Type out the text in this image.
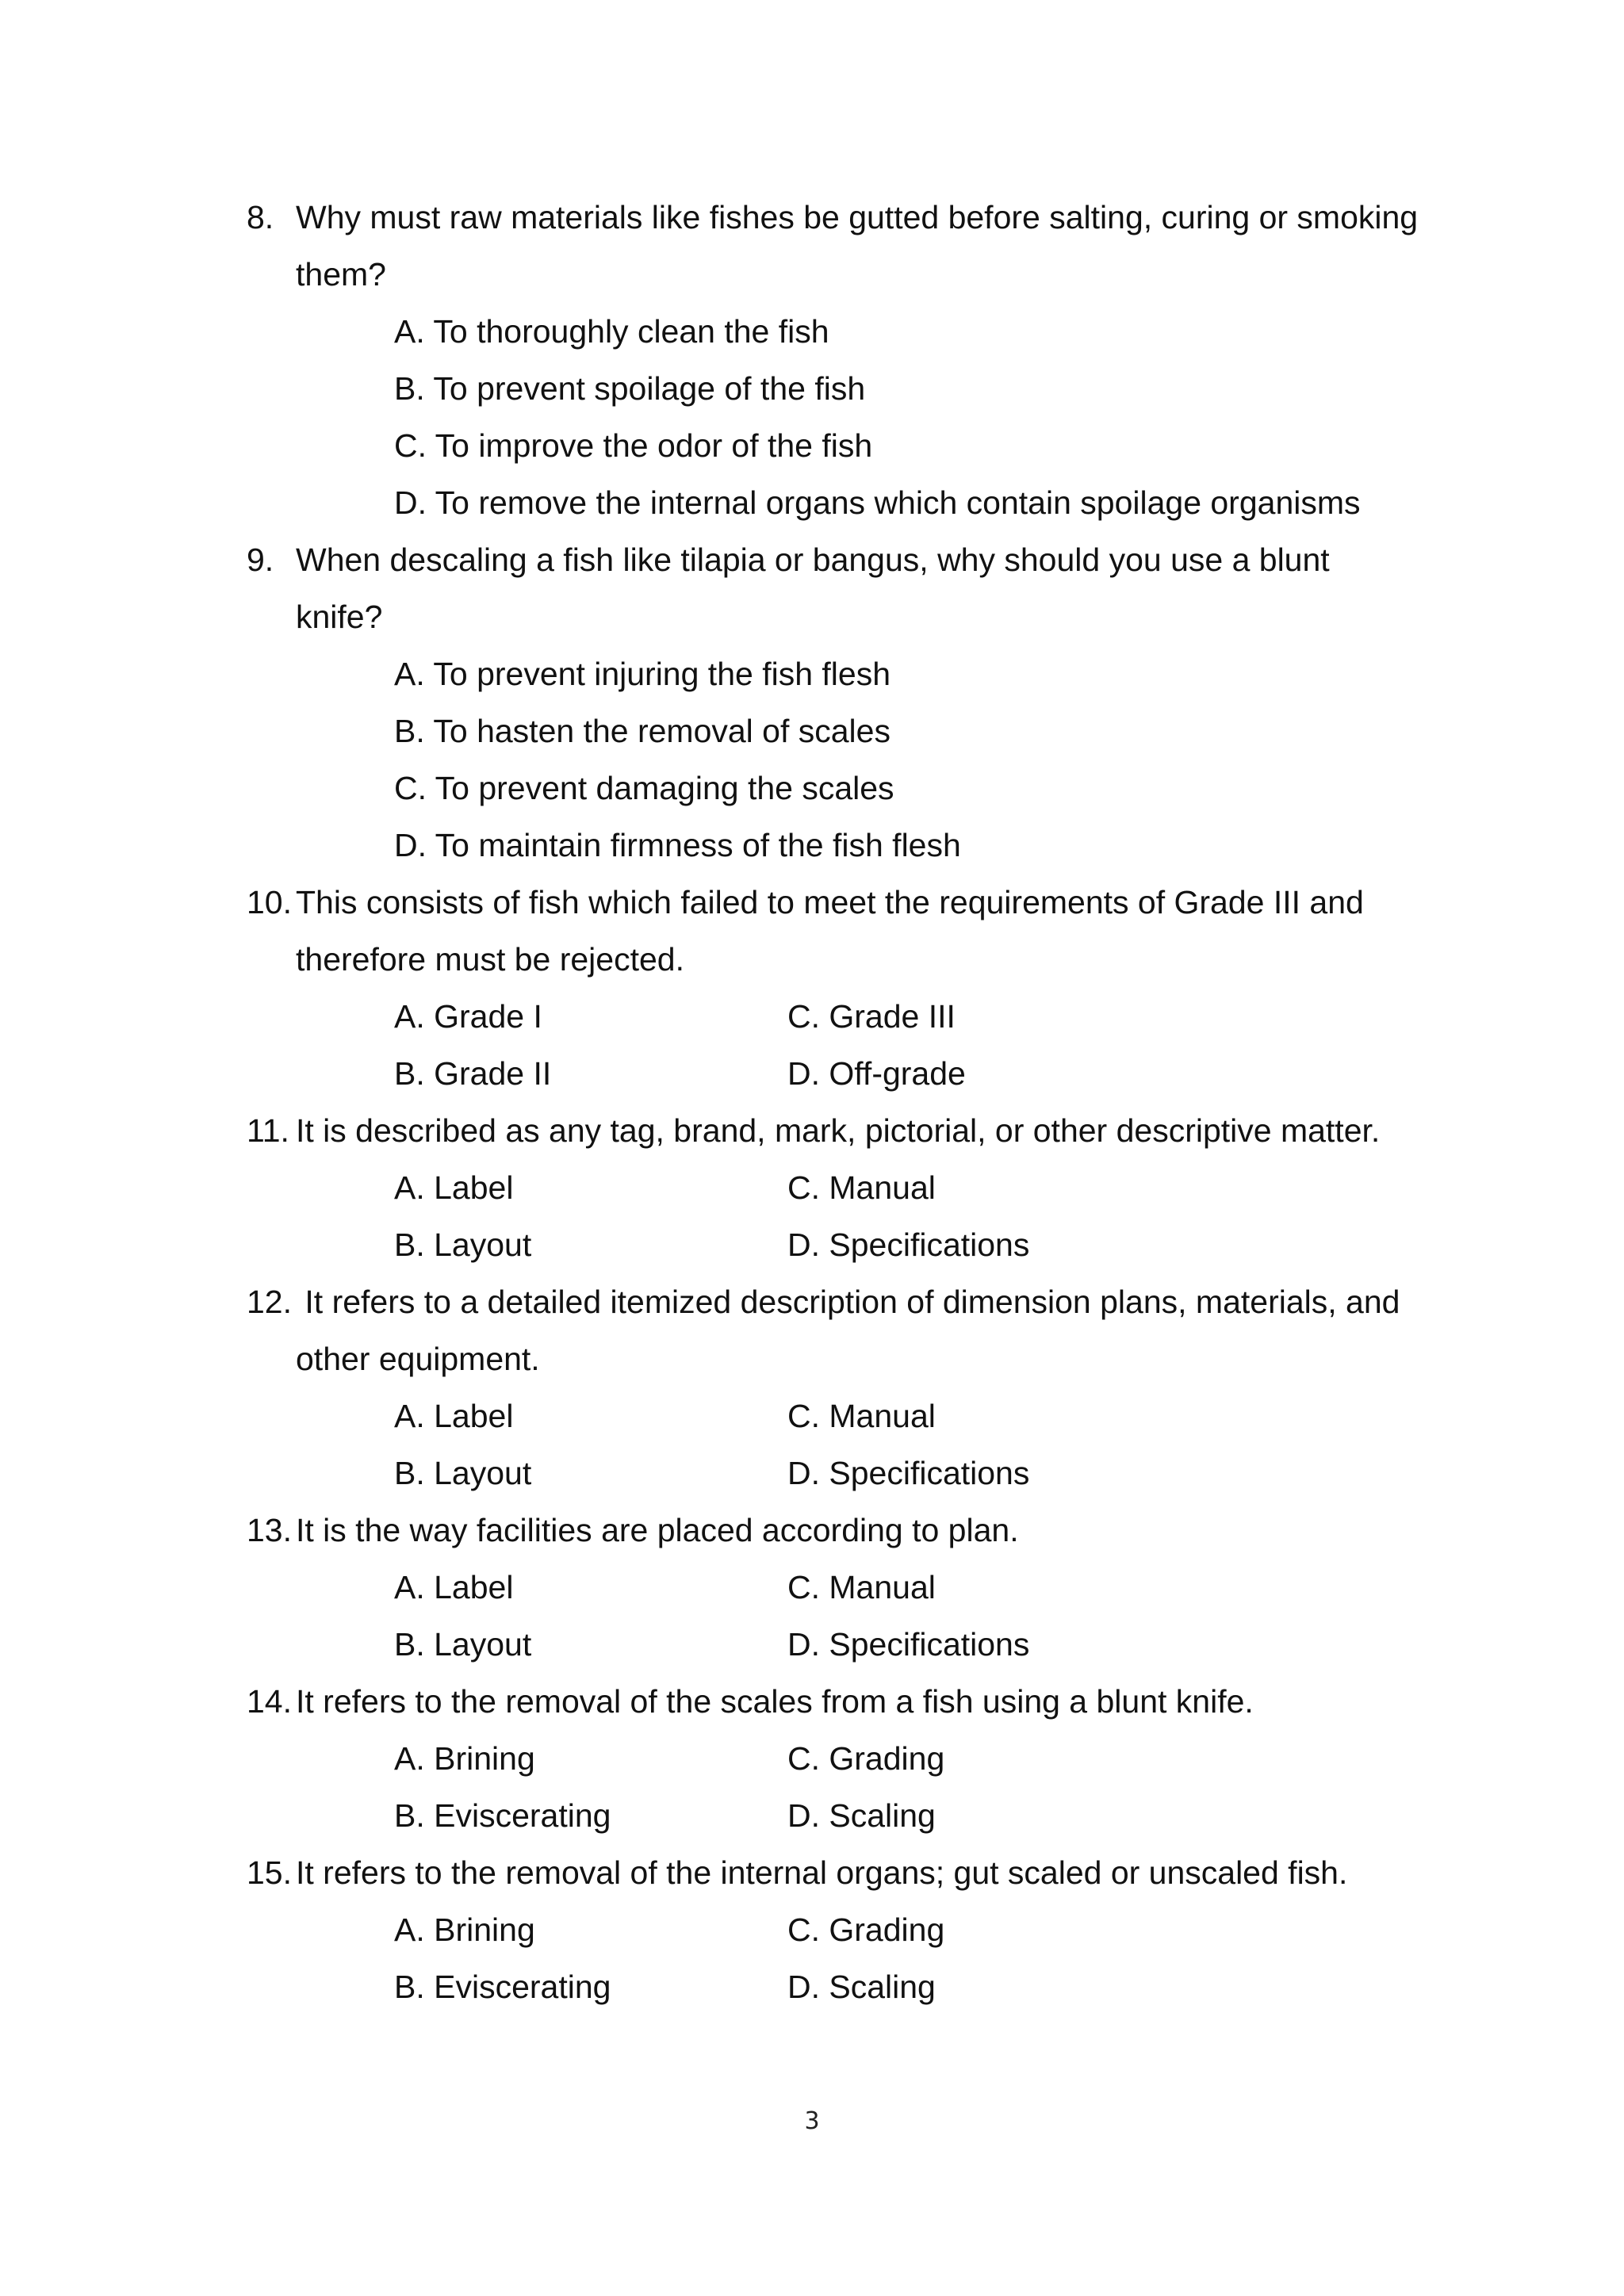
8. Why must raw materials like fishes be gutted before salting, curing or smoking
them?
A. To thoroughly clean the fish
B. To prevent spoilage of the fish
C. To improve the odor of the fish
D. To remove the internal organs which contain spoilage organisms
9. When descaling a fish like tilapia or bangus, why should you use a blunt
knife?
A. To prevent injuring the fish flesh
B. To hasten the removal of scales
C. To prevent damaging the scales
D. To maintain firmness of the fish flesh
10. This consists of fish which failed to meet the requirements of Grade III and
therefore must be rejected.
A. Grade I	C. Grade III
B. Grade II	D. Off-grade
11. It is described as any tag, brand, mark, pictorial, or other descriptive matter.
A. Label	C. Manual
B. Layout	D. Specifications
12. It refers to a detailed itemized description of dimension plans, materials, and
other equipment.
A. Label	C. Manual
B. Layout	D. Specifications
13. It is the way facilities are placed according to plan.
A. Label	C. Manual
B. Layout	D. Specifications
14. It refers to the removal of the scales from a fish using a blunt knife.
A. Brining	C. Grading
B. Eviscerating	D. Scaling
15. It refers to the removal of the internal organs; gut scaled or unscaled fish.
A. Brining	C. Grading
B. Eviscerating	D. Scaling
3
